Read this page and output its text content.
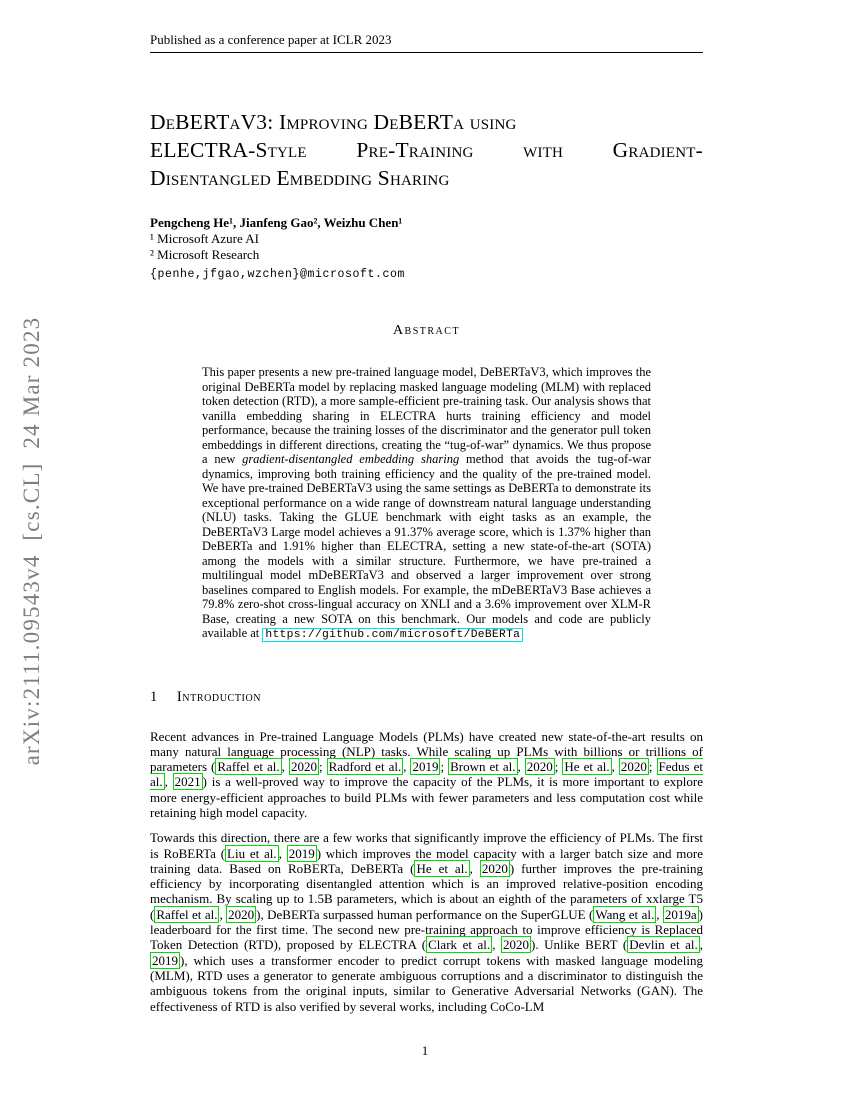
arXiv:2111.09543v4  [cs.CL]  24 Mar 2023
Published as a conference paper at ICLR 2023
DeBERTaV3: Improving DeBERTa using
ELECTRA-Style Pre-Training with Gradient-
Disentangled Embedding Sharing
Pengcheng He¹, Jianfeng Gao², Weizhu Chen¹
¹ Microsoft Azure AI
² Microsoft Research
{penhe,jfgao,wzchen}@microsoft.com
Abstract
This paper presents a new pre-trained language model, DeBERTaV3, which improves the original DeBERTa model by replacing masked language modeling (MLM) with replaced token detection (RTD), a more sample-efficient pre-training task. Our analysis shows that vanilla embedding sharing in ELECTRA hurts training efficiency and model performance, because the training losses of the discriminator and the generator pull token embeddings in different directions, creating the “tug-of-war” dynamics. We thus propose a new gradient-disentangled embedding sharing method that avoids the tug-of-war dynamics, improving both training efficiency and the quality of the pre-trained model. We have pre-trained DeBERTaV3 using the same settings as DeBERTa to demonstrate its exceptional performance on a wide range of downstream natural language understanding (NLU) tasks. Taking the GLUE benchmark with eight tasks as an example, the DeBERTaV3 Large model achieves a 91.37% average score, which is 1.37% higher than DeBERTa and 1.91% higher than ELECTRA, setting a new state-of-the-art (SOTA) among the models with a similar structure. Furthermore, we have pre-trained a multilingual model mDeBERTaV3 and observed a larger improvement over strong baselines compared to English models. For example, the mDeBERTaV3 Base achieves a 79.8% zero-shot cross-lingual accuracy on XNLI and a 3.6% improvement over XLM-R Base, creating a new SOTA on this benchmark. Our models and code are publicly available at https://github.com/microsoft/DeBERTa
1 Introduction

Recent advances in Pre-trained Language Models (PLMs) have created new state-of-the-art results on many natural language processing (NLP) tasks. While scaling up PLMs with billions or trillions of parameters ( Raffel et al. , 2020 ; Radford et al. , 2019 ; Brown et al. , 2020 ; He et al. , 2020 ; Fedus et al. , 2021 ) is a well-proved way to improve the capacity of the PLMs, it is more important to explore more energy-efficient approaches to build PLMs with fewer parameters and less computation cost while retaining high model capacity.

Towards this direction, there are a few works that significantly improve the efficiency of PLMs. The first is RoBERTa ( Liu et al. , 2019 ) which improves the model capacity with a larger batch size and more training data. Based on RoBERTa, DeBERTa ( He et al. , 2020 ) further improves the pre-training efficiency by incorporating disentangled attention which is an improved relative-position encoding mechanism. By scaling up to 1.5B parameters, which is about an eighth of the parameters of xxlarge T5 ( Raffel et al. , 2020 ), DeBERTa surpassed human performance on the SuperGLUE ( Wang et al. , 2019a ) leaderboard for the first time. The second new pre-training approach to improve efficiency is Replaced Token Detection (RTD), proposed by ELECTRA ( Clark et al. , 2020 ). Unlike BERT ( Devlin et al. , 2019 ), which uses a transformer encoder to predict corrupt tokens with masked language modeling (MLM), RTD uses a generator to generate ambiguous corruptions and a discriminator to distinguish the ambiguous tokens from the original inputs, similar to Generative Adversarial Networks (GAN). The effectiveness of RTD is also verified by several works, including CoCo-LM

1
